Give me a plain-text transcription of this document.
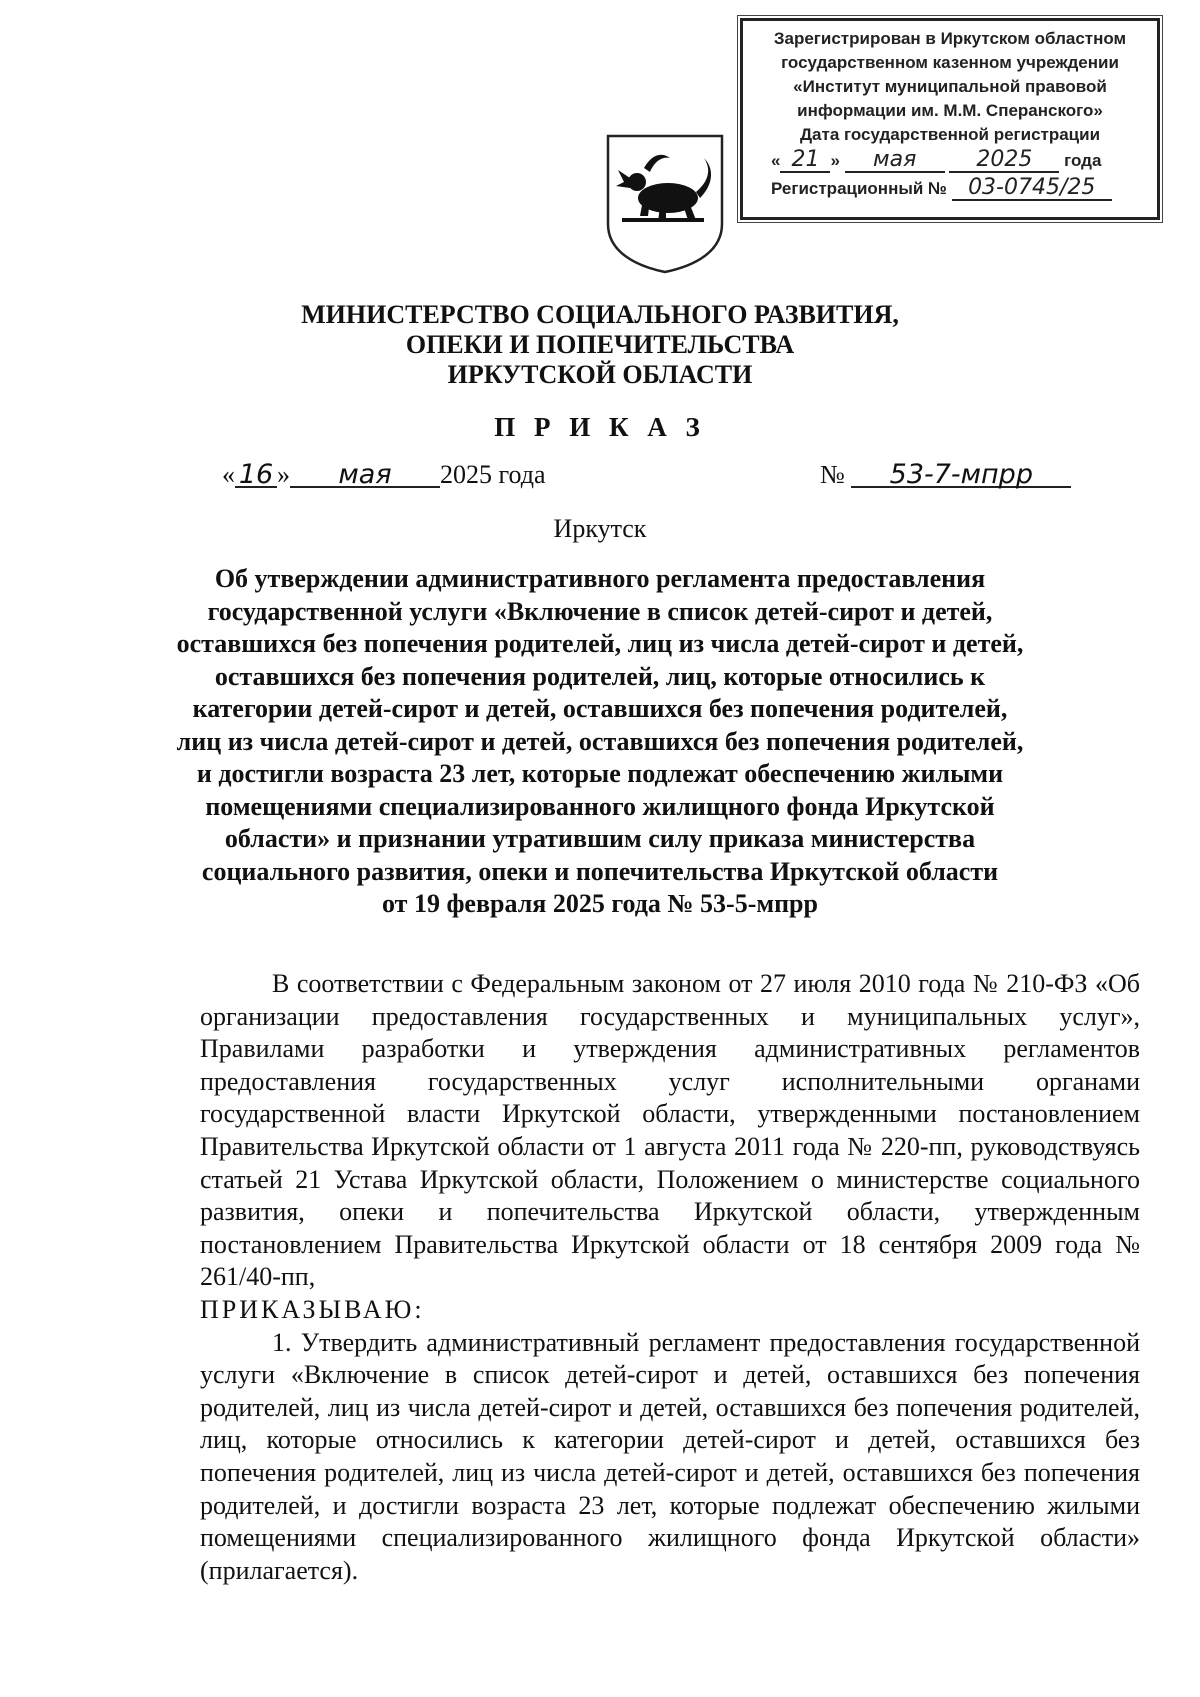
Зарегистрирован в Иркутском областном
государственном казенном учреждении
«Институт муниципальной правовой
информации им. М.М. Сперанского»
Дата государственной регистрации
« 21 » мая	2025 года
Регистрационный № 03-0745/25
МИНИСТЕРСТВО СОЦИАЛЬНОГО РАЗВИТИЯ,
ОПЕКИ И ПОПЕЧИТЕЛЬСТВА
ИРКУТСКОЙ ОБЛАСТИ
П Р И К А З
« 16 » мая 2025 года	№ 53-7-мпрр
Иркутск
Об утверждении административного регламента предоставления
государственной услуги «Включение в список детей-сирот и детей,
оставшихся без попечения родителей, лиц из числа детей-сирот и детей,
оставшихся без попечения родителей, лиц, которые относились к
категории детей-сирот и детей, оставшихся без попечения родителей,
лиц из числа детей-сирот и детей, оставшихся без попечения родителей,
и достигли возраста 23 лет, которые подлежат обеспечению жилыми
помещениями специализированного жилищного фонда Иркутской
области» и признании утратившим силу приказа министерства
социального развития, опеки и попечительства Иркутской области
от 19 февраля 2025 года № 53-5-мпрр

В соответствии с Федеральным законом от 27 июля 2010 года № 210-ФЗ «Об организации предоставления государственных и муниципальных услуг», Правилами разработки и утверждения административных регламентов предоставления государственных услуг исполнительными органами государственной власти Иркутской области, утвержденными постановлением Правительства Иркутской области от 1 августа 2011 года № 220-пп, руководствуясь статьей 21 Устава Иркутской области, Положением о министерстве социального развития, опеки и попечительства Иркутской области, утвержденным постановлением Правительства Иркутской области от 18 сентября 2009 года № 261/40-пп,

ПРИКАЗЫВАЮ:

1. Утвердить административный регламент предоставления государственной услуги «Включение в список детей-сирот и детей, оставшихся без попечения родителей, лиц из числа детей-сирот и детей, оставшихся без попечения родителей, лиц, которые относились к категории детей-сирот и детей, оставшихся без попечения родителей, лиц из числа детей-сирот и детей, оставшихся без попечения родителей, и достигли возраста 23 лет, которые подлежат обеспечению жилыми помещениями специализированного жилищного фонда Иркутской области» (прилагается).
